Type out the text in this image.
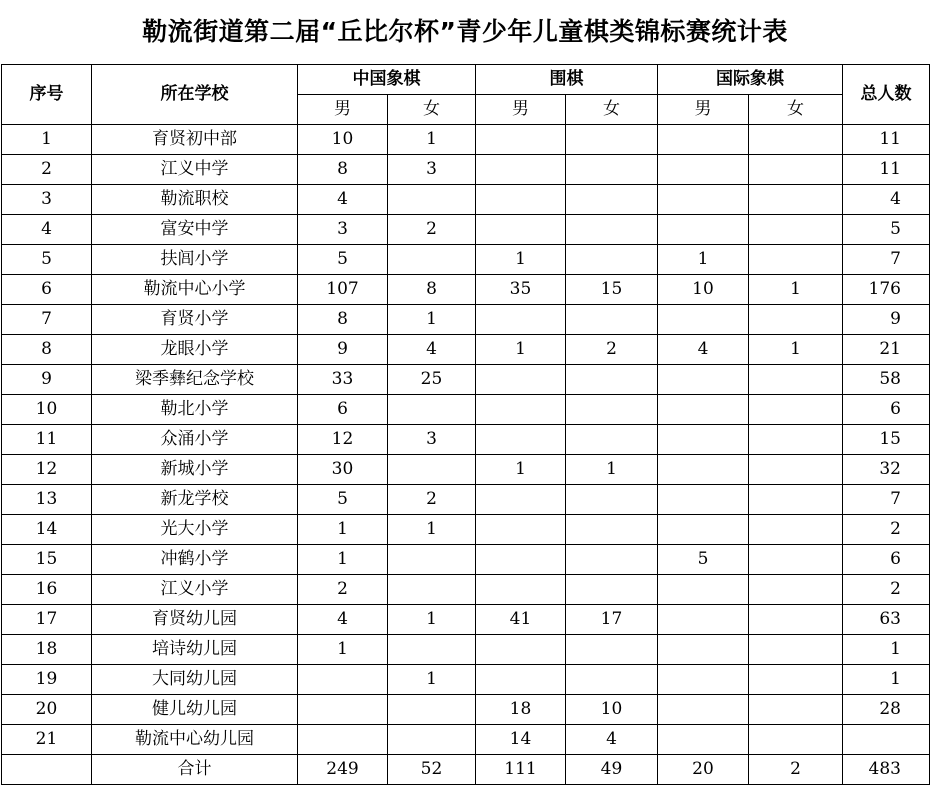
勒流街道第二届“丘比尔杯”青少年儿童棋类锦标赛统计表
序号	所在学校	中国象棋		围棋		国际象棋		总人数
		男	女	男	女	男	女	
1	育贤初中部	10	1					11
2	江义中学	8	3					11
3	勒流职校	4						4
4	富安中学	3	2					5
5	扶闾小学	5		1		1		7
6	勒流中心小学	107	8	35	15	10	1	176
7	育贤小学	8	1					9
8	龙眼小学	9	4	1	2	4	1	21
9	梁季彝纪念学校	33	25					58
10	勒北小学	6						6
11	众涌小学	12	3					15
12	新城小学	30		1	1			32
13	新龙学校	5	2					7
14	光大小学	1	1					2
15	冲鹤小学	1				5		6
16	江义小学	2						2
17	育贤幼儿园	4	1	41	17			63
18	培诗幼儿园	1						1
19	大同幼儿园		1					1
20	健儿幼儿园			18	10			28
21	勒流中心幼儿园			14	4			
	合计	249	52	111	49	20	2	483
